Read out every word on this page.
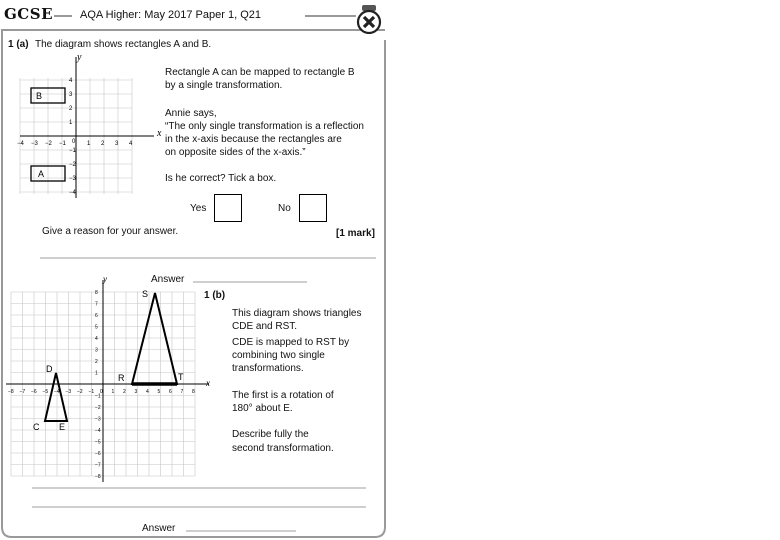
GCSE AQA Higher: May 2017 Paper 1, Q21
1 (a) The diagram shows rectangles A and B.
−4 −3 −2 −1	1 2 3 4
4
3
2
1
−1
−2
−3
−4
x
y
0
B
A
Rectangle A can be mapped to rectangle B
by a single transformation.
Annie says,
“The only single transformation is a reflection
in the x-axis because the rectangles are
on opposite sides of the x-axis.”
Is he correct? Tick a box.
Yes	No
Give a reason for your answer.	[1 mark]
Answer
−8 −7 −6 −5 −4 −3 −2 −1 0 1 2 3 4 5 6 7 8
8
7
6
5
4
3
2
1
−1
−2
−3
−4
−5
−6
−7
−8
x
y
D
C E
R
S
T
1 (b)
This diagram shows triangles
CDE and RST.
CDE is mapped to RST by
combining two single
transformations.
The first is a rotation of
180° about E.
Describe fully the
second transformation.
Answer
